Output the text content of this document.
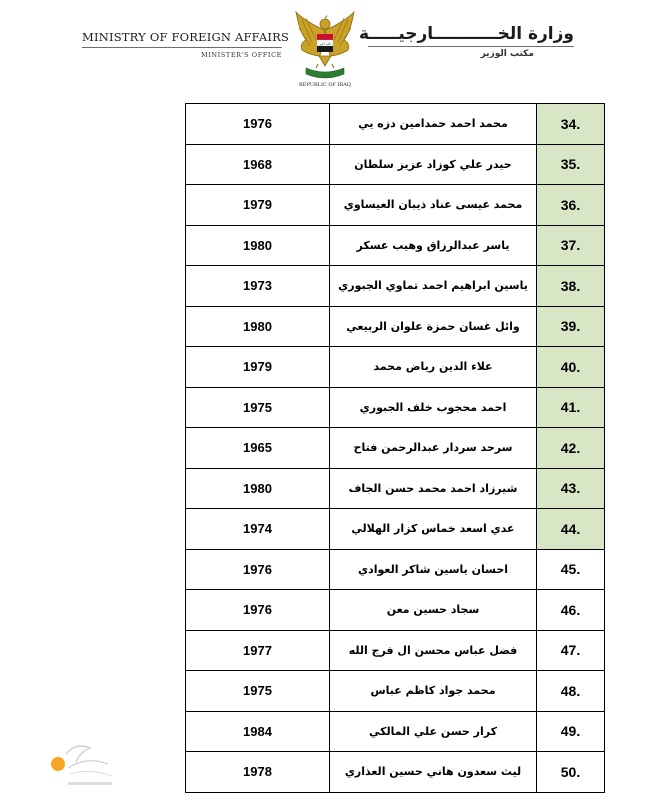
MINISTRY OF FOREIGN AFFAIRS
MINISTER'S OFFICE
الله اكبر
REPUBLIC OF IRAQ
وزارة الخـــــــــــارجيـــــة
مكتب الوزير
1976	محمد احمد حمدامين دزه يي	34.
1968	حيدر علي كوزاد عزيز سلطان	35.
1979	محمد عيسى عناد ذيبان العيساوي	36.
1980	ياسر عبدالرزاق وهيب عسكر	37.
1973	ياسين ابراهيم احمد تماوي الجبوري	38.
1980	وائل غسان حمزة علوان الربيعي	39.
1979	علاء الدين رياض محمد	40.
1975	احمد محجوب خلف الجبوري	41.
1965	سرحد سردار عبدالرحمن فتاح	42.
1980	شيرزاد احمد محمد حسن الجاف	43.
1974	عدي اسعد خماس كزار الهلالي	44.
1976	احسان ياسين شاكر العوادي	45.
1976	سجاد حسين معن	46.
1977	فضل عباس محسن ال فرج الله	47.
1975	محمد جواد كاظم عباس	48.
1984	كرار حسن علي المالكي	49.
1978	ليث سعدون هاني حسين العذاري	50.
